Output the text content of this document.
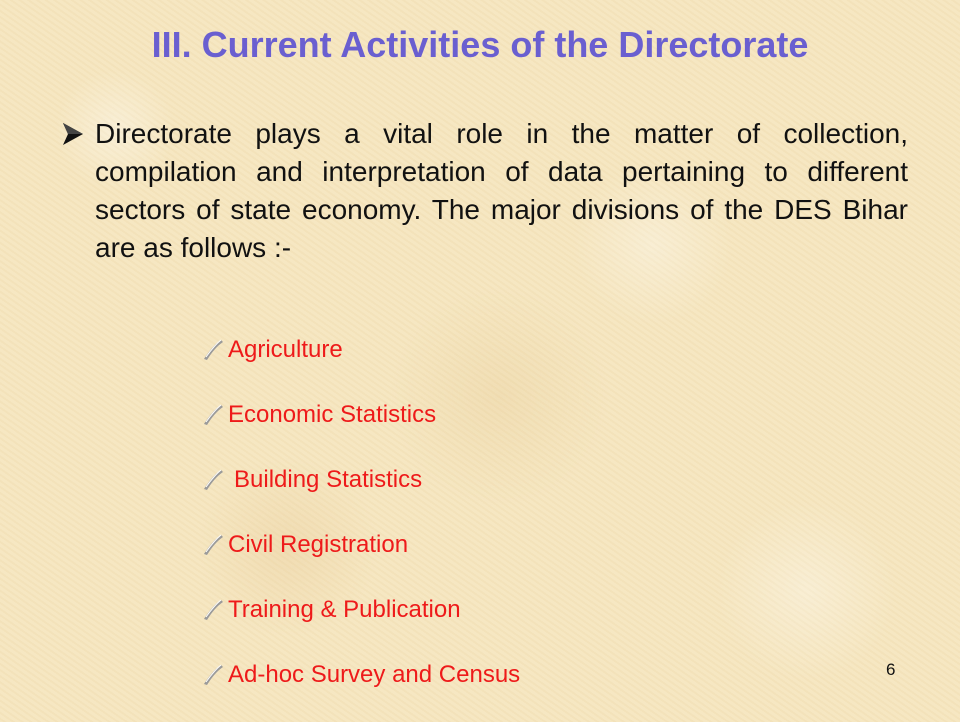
III. Current Activities of the Directorate
Directorate plays a vital role in the matter of collection, compilation and interpretation of data pertaining to different sectors of state economy. The major divisions of the DES Bihar are as follows :-
Agriculture
Economic Statistics
Building Statistics
Civil Registration
Training & Publication
Ad-hoc Survey and Census	6
